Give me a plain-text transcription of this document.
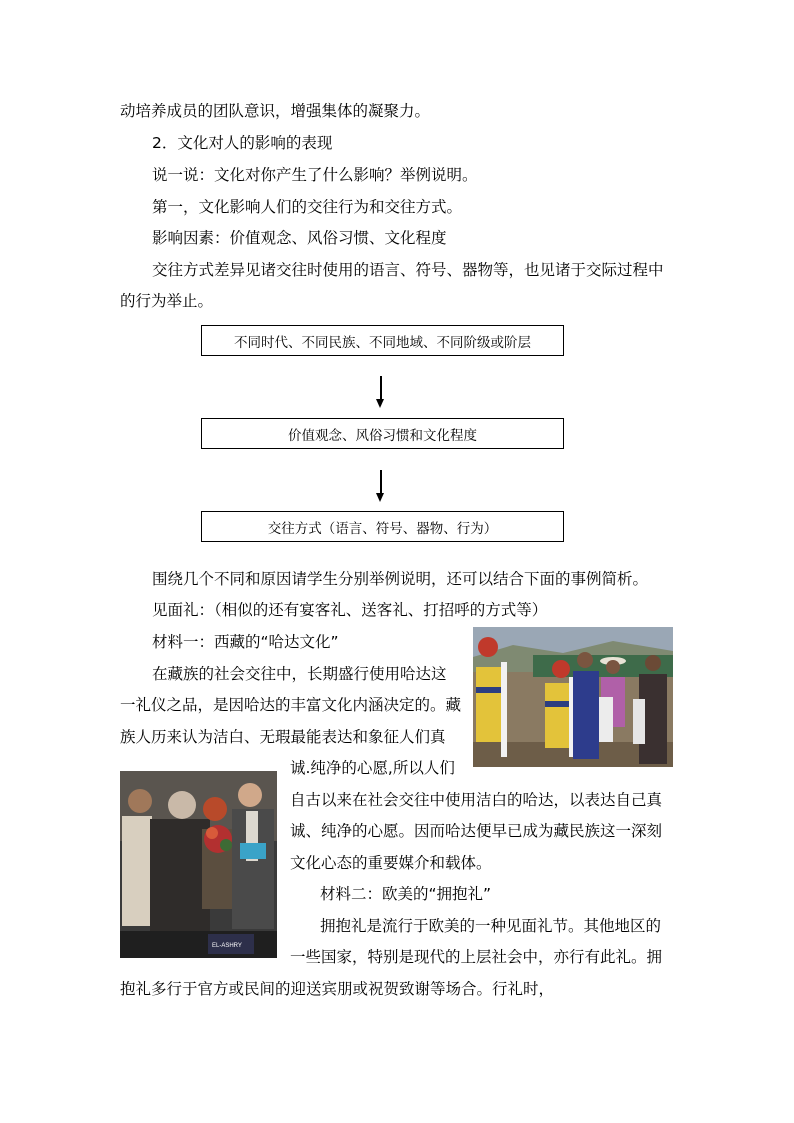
动培养成员的团队意识，增强集体的凝聚力。
2．文化对人的影响的表现
说一说：文化对你产生了什么影响？举例说明。
第一，文化影响人们的交往行为和交往方式。
影响因素：价值观念、风俗习惯、文化程度
交往方式差异见诸交往时使用的语言、符号、器物等，也见诸于交际过程中
的行为举止。
不同时代、不同民族、不同地域、不同阶级或阶层
价值观念、风俗习惯和文化程度
交往方式（语言、符号、器物、行为）
围绕几个不同和原因请学生分别举例说明，还可以结合下面的事例简析。
见面礼：（相似的还有宴客礼、送客礼、打招呼的方式等）
材料一：西藏的“哈达文化”
在藏族的社会交往中，长期盛行使用哈达这
一礼仪之品，是因哈达的丰富文化内涵决定的。藏
族人历来认为洁白、无瑕最能表达和象征人们真
诚.纯净的心愿,所以人们
自古以来在社会交往中使用洁白的哈达，以表达自己真
诚、纯净的心愿。因而哈达便早已成为藏民族这一深刻
文化心态的重要媒介和载体。
材料二：欧美的“拥抱礼”
拥抱礼是流行于欧美的一种见面礼节。其他地区的
一些国家，特别是现代的上层社会中，亦行有此礼。拥
抱礼多行于官方或民间的迎送宾朋或祝贺致谢等场合。行礼时，
EL-ASHRY
